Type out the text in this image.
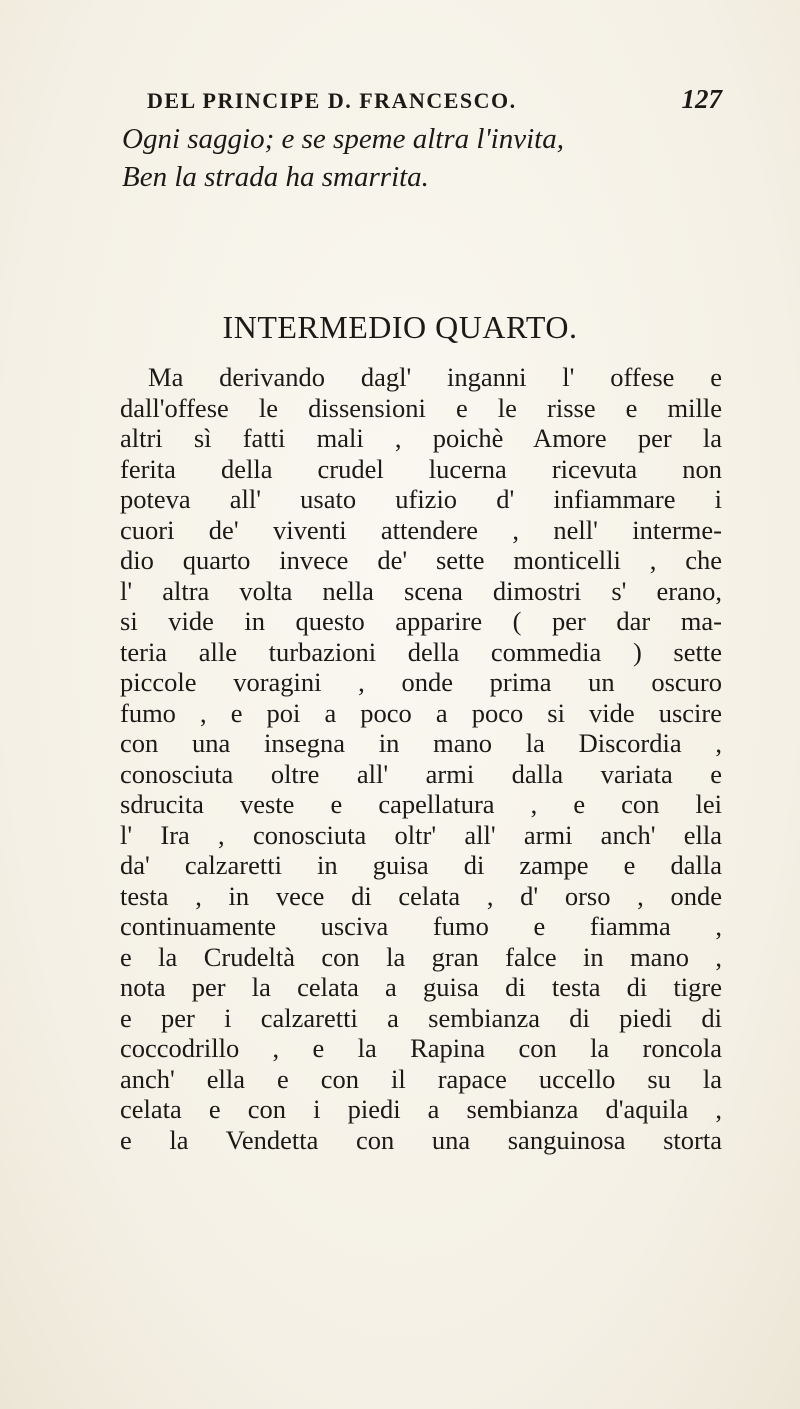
DEL PRINCIPE D. FRANCESCO.	127
Ogni saggio; e se speme altra l'invita,
Ben la strada ha smarrita.
INTERMEDIO QUARTO.
Ma derivando dagl' inganni l' offese e
dall'offese le dissensioni e le risse e mille
altri sì fatti mali , poichè Amore per la
ferita della crudel lucerna ricevuta non
poteva all' usato ufizio d' infiammare i
cuori de' viventi attendere , nell' interme-
dio quarto invece de' sette monticelli , che
l' altra volta nella scena dimostri s' erano,
si vide in questo apparire ( per dar ma-
teria alle turbazioni della commedia ) sette
piccole voragini , onde prima un oscuro
fumo , e poi a poco a poco si vide uscire
con una insegna in mano la Discordia ,
conosciuta oltre all' armi dalla variata e
sdrucita veste e capellatura , e con lei
l' Ira , conosciuta oltr' all' armi anch' ella
da' calzaretti in guisa di zampe e dalla
testa , in vece di celata , d' orso , onde
continuamente usciva fumo e fiamma ,
e la Crudeltà con la gran falce in mano ,
nota per la celata a guisa di testa di tigre
e per i calzaretti a sembianza di piedi di
coccodrillo , e la Rapina con la roncola
anch' ella e con il rapace uccello su la
celata e con i piedi a sembianza d'aquila ,
e la Vendetta con una sanguinosa storta
